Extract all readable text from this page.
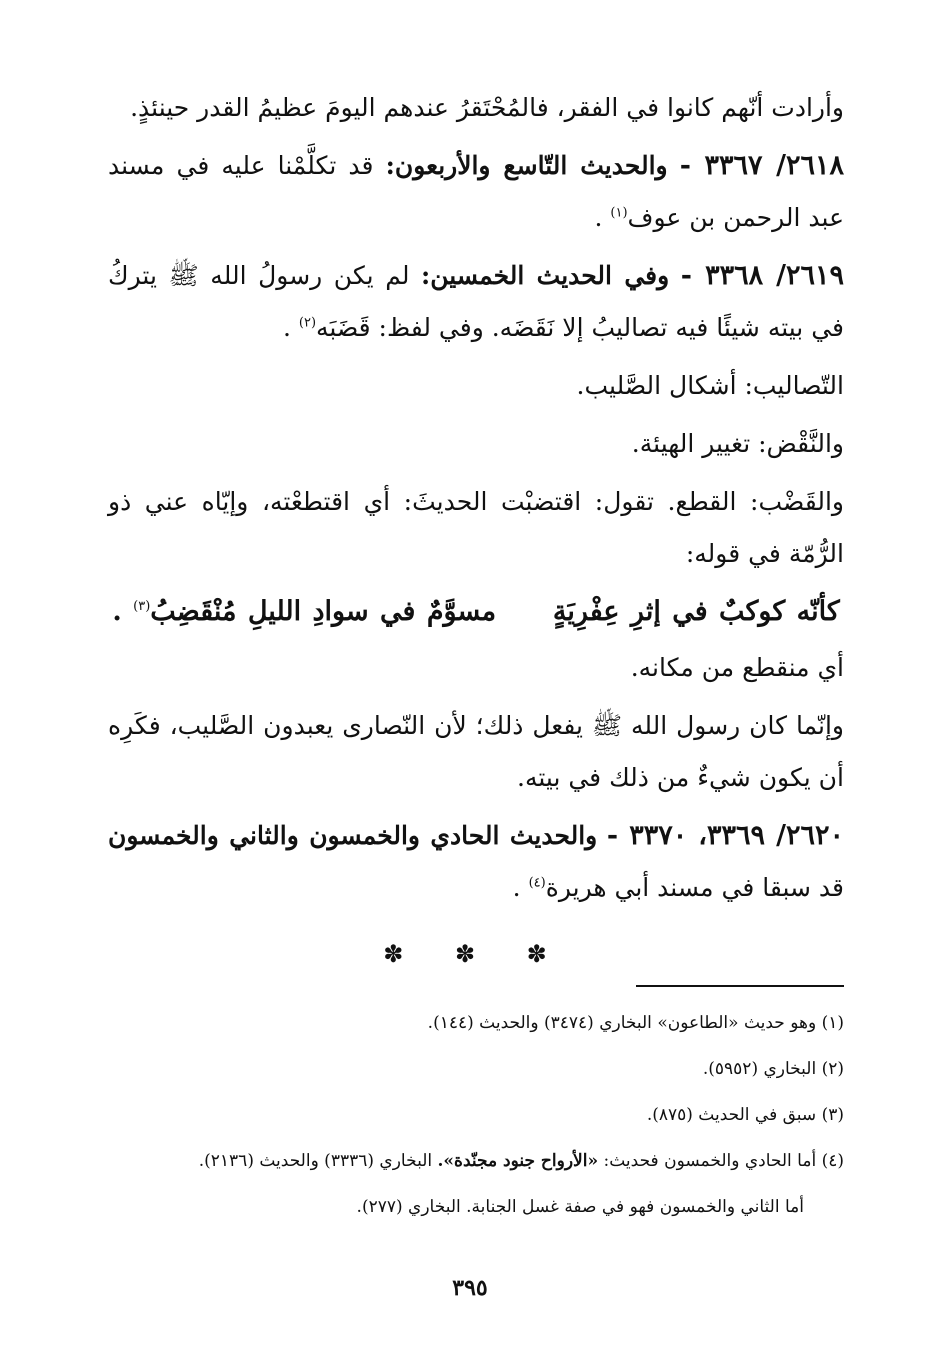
وأرادت أنّهم كانوا في الفقر، فالمُحْتَقرُ عندهم اليومَ عظيمُ القدر حينئذٍ.

٢٦١٨/ ٣٣٦٧ - والحديث التّاسع والأربعون: قد تكلَّمْنا عليه في مسند عبد الرحمن بن عوف$^{(١)}$ .

٢٦١٩/ ٣٣٦٨ - وفي الحديث الخمسين: لم يكن رسولُ الله ﷺ يتركُ في بيته شيئًا فيه تصاليبُ إلا نَقَضَه. وفي لفظ: قَضَبَه$^{(٢)}$ .

التّصاليب: أشكال الصَّليب.

والنَّقْض: تغيير الهيئة.

والقَضْب: القطع. تقول: اقتضبْت الحديثَ: أي اقتطعْته، وإيّاه عني ذو الرُّمّة في قوله:

كأنّه كوكبٌ في إثرِ عِفْرِيَةٍ  مسوَّمٌ في سوادِ الليلِ مُنْقَضِبُ$^{(٣)}$ .

أي منقطع من مكانه.

وإنّما كان رسول الله ﷺ يفعل ذلك؛ لأن النّصارى يعبدون الصَّليب، فكَرِه أن يكون شيءٌ من ذلك في بيته.

٢٦٢٠/ ٣٣٦٩، ٣٣٧٠ - والحديث الحادي والخمسون والثاني والخمسون قد سبقا في مسند أبي هريرة$^{(٤)}$ .

✽ ✽ ✽

(١) وهو حديث «الطاعون» البخاري (٣٤٧٤) والحديث (١٤٤).

(٢) البخاري (٥٩٥٢).

(٣) سبق في الحديث (٨٧٥).

(٤) أما الحادي والخمسون فحديث: «الأرواح جنود مجنّدة». البخاري (٣٣٣٦) والحديث (٢١٣٦).

أما الثاني والخمسون فهو في صفة غسل الجنابة. البخاري (٢٧٧).

٣٩٥
